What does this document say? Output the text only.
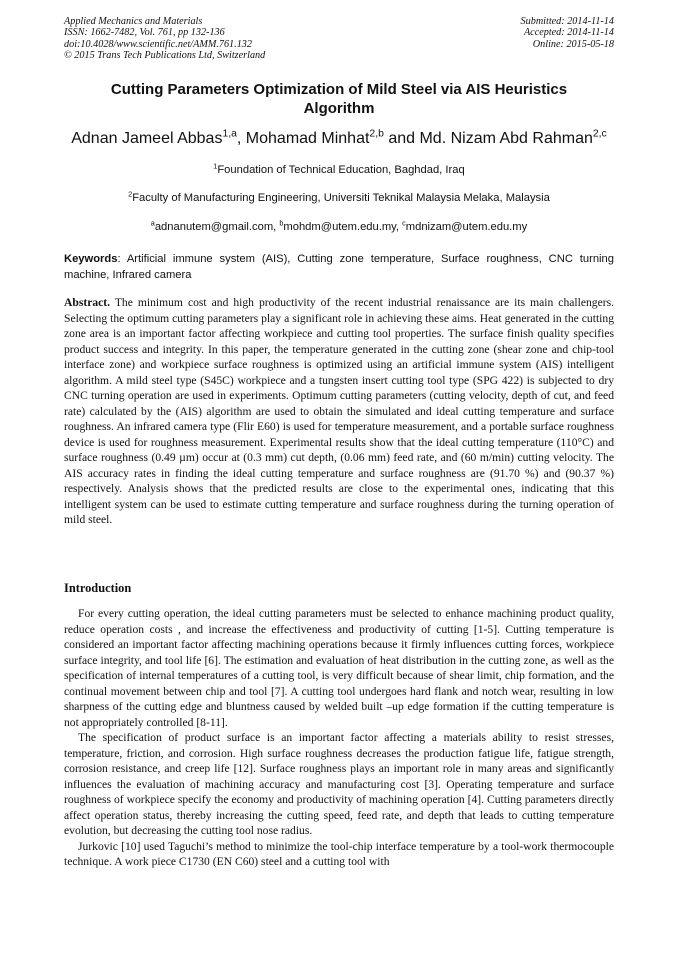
Applied Mechanics and Materials
ISSN: 1662-7482, Vol. 761, pp 132-136
doi:10.4028/www.scientific.net/AMM.761.132
© 2015 Trans Tech Publications Ltd, Switzerland
Submitted: 2014-11-14
Accepted: 2014-11-14
Online: 2015-05-18
Cutting Parameters Optimization of Mild Steel via AIS Heuristics
Algorithm
Adnan Jameel Abbas$^{1,a}$, Mohamad Minhat$^{2,b}$ and Md. Nizam Abd Rahman$^{2,c}$
$^1$Foundation of Technical Education, Baghdad, Iraq
$^2$Faculty of Manufacturing Engineering, Universiti Teknikal Malaysia Melaka, Malaysia
$^a$adnanutem@gmail.com, $^b$mohdm@utem.edu.my, $^c$mdnizam@utem.edu.my
Keywords: Artificial immune system (AIS), Cutting zone temperature, Surface roughness, CNC turning machine, Infrared camera
Abstract. The minimum cost and high productivity of the recent industrial renaissance are its main challengers. Selecting the optimum cutting parameters play a significant role in achieving these aims. Heat generated in the cutting zone area is an important factor affecting workpiece and cutting tool properties. The surface finish quality specifies product success and integrity. In this paper, the temperature generated in the cutting zone (shear zone and chip-tool interface zone) and workpiece surface roughness is optimized using an artificial immune system (AIS) intelligent algorithm. A mild steel type (S45C) workpiece and a tungsten insert cutting tool type (SPG 422) is subjected to dry CNC turning operation are used in experiments. Optimum cutting parameters (cutting velocity, depth of cut, and feed rate) calculated by the (AIS) algorithm are used to obtain the simulated and ideal cutting temperature and surface roughness. An infrared camera type (Flir E60) is used for temperature measurement, and a portable surface roughness device is used for roughness measurement. Experimental results show that the ideal cutting temperature (110°C) and surface roughness (0.49 µm) occur at (0.3 mm) cut depth, (0.06 mm) feed rate, and (60 m/min) cutting velocity. The AIS accuracy rates in finding the ideal cutting temperature and surface roughness are (91.70 %) and (90.37 %) respectively. Analysis shows that the predicted results are close to the experimental ones, indicating that this intelligent system can be used to estimate cutting temperature and surface roughness during the turning operation of mild steel.
Introduction

For every cutting operation, the ideal cutting parameters must be selected to enhance machining product quality, reduce operation costs , and increase the effectiveness and productivity of cutting [1-5]. Cutting temperature is considered an important factor affecting machining operations because it firmly influences cutting forces, workpiece surface integrity, and tool life [6]. The estimation and evaluation of heat distribution in the cutting zone, as well as the specification of internal temperatures of a cutting tool, is very difficult because of shear limit, chip formation, and the continual movement between chip and tool [7]. A cutting tool undergoes hard flank and notch wear, resulting in low sharpness of the cutting edge and bluntness caused by welded built –up edge formation if the cutting temperature is not appropriately controlled [8-11].

The specification of product surface is an important factor affecting a materials ability to resist stresses, temperature, friction, and corrosion. High surface roughness decreases the production fatigue life, fatigue strength, corrosion resistance, and creep life [12]. Surface roughness plays an important role in many areas and significantly influences the evaluation of machining accuracy and manufacturing cost [3]. Operating temperature and surface roughness of workpiece specify the economy and productivity of machining operation [4]. Cutting parameters directly affect operation status, thereby increasing the cutting speed, feed rate, and depth that leads to cutting temperature evolution, but decreasing the cutting tool nose radius.

Jurkovic [10] used Taguchi’s method to minimize the tool-chip interface temperature by a tool-work thermocouple technique. A work piece C1730 (EN C60) steel and a cutting tool with
